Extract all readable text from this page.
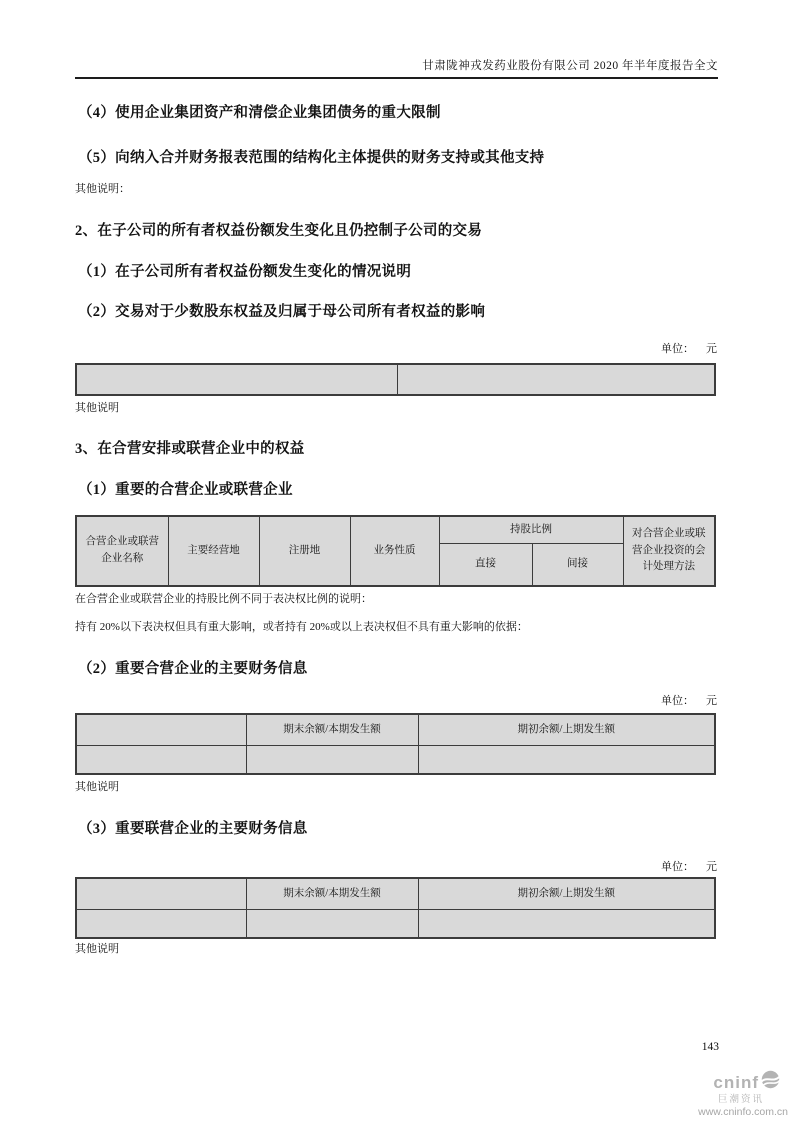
甘肃陇神戎发药业股份有限公司 2020 年半年度报告全文
（4）使用企业集团资产和清偿企业集团债务的重大限制
（5）向纳入合并财务报表范围的结构化主体提供的财务支持或其他支持
其他说明：
2、在子公司的所有者权益份额发生变化且仍控制子公司的交易
（1）在子公司所有者权益份额发生变化的情况说明
（2）交易对于少数股东权益及归属于母公司所有者权益的影响
单位： 元

其他说明
3、在合营安排或联营企业中的权益
（1）重要的合营企业或联营企业
合营企业或联营企业名称	主要经营地	注册地	业务性质	持股比例		对合营企业或联营企业投资的会计处理方法
				直接	间接	
在合营企业或联营企业的持股比例不同于表决权比例的说明：
持有 20%以下表决权但具有重大影响，或者持有 20%或以上表决权但不具有重大影响的依据：
（2）重要合营企业的主要财务信息
单位： 元
	期末余额/本期发生额	期初余额/上期发生额

其他说明
（3）重要联营企业的主要财务信息
单位： 元
	期末余额/本期发生额	期初余额/上期发生额

其他说明
143
cninf
巨潮资讯
www.cninfo.com.cn
